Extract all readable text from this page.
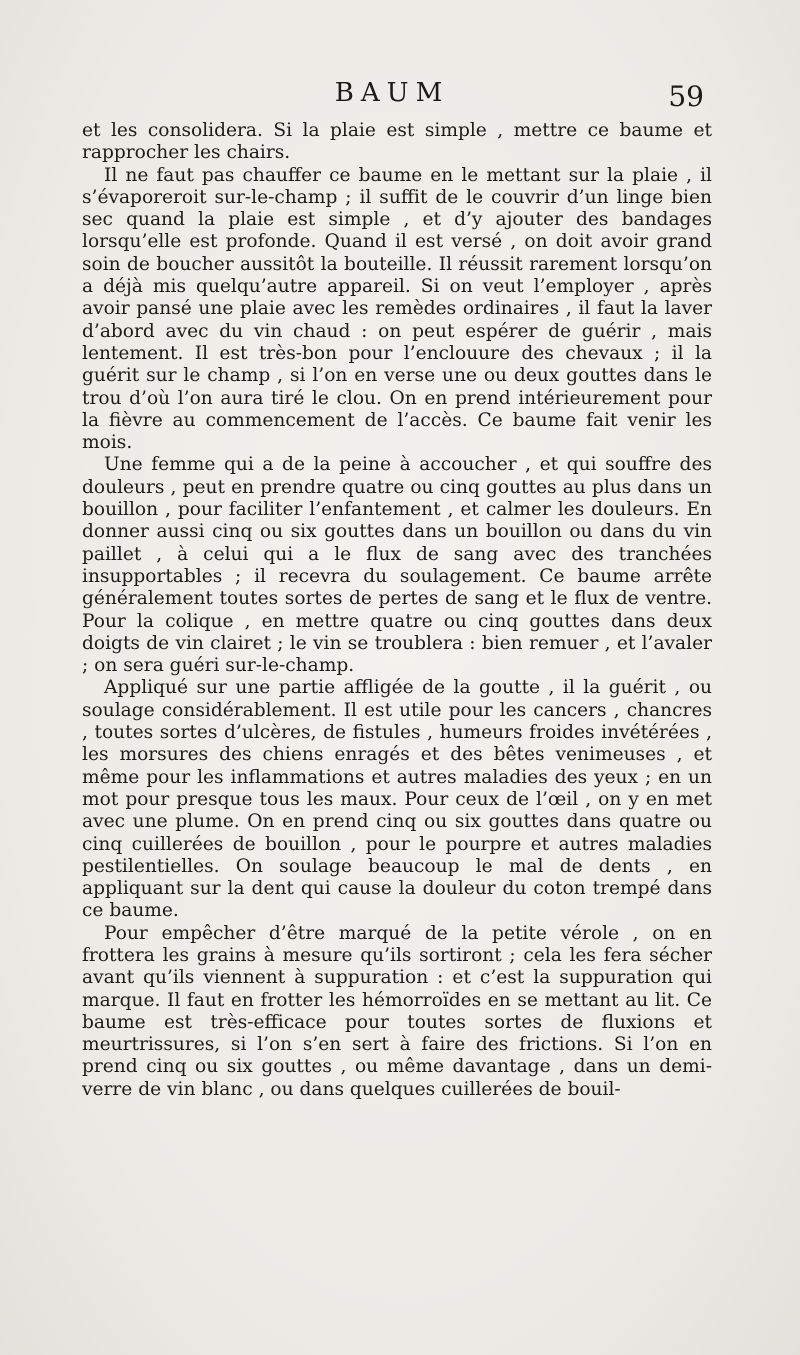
BAUM	59

et les consolidera. Si la plaie est simple , mettre ce baume et rapprocher les chairs.

Il ne faut pas chauffer ce baume en le mettant sur la plaie , il s’évaporeroit sur-le-champ ; il suffit de le couvrir d’un linge bien sec quand la plaie est simple , et d’y ajouter des bandages lorsqu’elle est profonde. Quand il est versé , on doit avoir grand soin de boucher aussitôt la bouteille. Il réussit rarement lorsqu’on a déjà mis quelqu’autre appareil. Si on veut l’employer , après avoir pansé une plaie avec les remèdes ordinaires , il faut la laver d’abord avec du vin chaud : on peut espérer de guérir , mais lentement. Il est très-bon pour l’enclouure des chevaux ; il la guérit sur le champ , si l’on en verse une ou deux gouttes dans le trou d’où l’on aura tiré le clou. On en prend intérieurement pour la fièvre au commencement de l’accès. Ce baume fait venir les mois.

Une femme qui a de la peine à accoucher , et qui souffre des douleurs , peut en prendre quatre ou cinq gouttes au plus dans un bouillon , pour faciliter l’enfantement , et calmer les douleurs. En donner aussi cinq ou six gouttes dans un bouillon ou dans du vin paillet , à celui qui a le flux de sang avec des tranchées insupportables ; il recevra du soulagement. Ce baume arrête généralement toutes sortes de pertes de sang et le flux de ventre. Pour la colique , en mettre quatre ou cinq gouttes dans deux doigts de vin clairet ; le vin se troublera : bien remuer , et l’avaler ; on sera guéri sur-le-champ.

Appliqué sur une partie affligée de la goutte , il la guérit , ou soulage considérablement. Il est utile pour les cancers , chancres , toutes sortes d’ulcères, de fistules , humeurs froides invétérées , les morsures des chiens enragés et des bêtes venimeuses , et même pour les inflammations et autres maladies des yeux ; en un mot pour presque tous les maux. Pour ceux de l’œil , on y en met avec une plume. On en prend cinq ou six gouttes dans quatre ou cinq cuillerées de bouillon , pour le pourpre et autres maladies pestilentielles. On soulage beaucoup le mal de dents , en appliquant sur la dent qui cause la douleur du coton trempé dans ce baume.

Pour empêcher d’être marqué de la petite vérole , on en frottera les grains à mesure qu’ils sortiront ; cela les fera sécher avant qu’ils viennent à suppuration : et c’est la suppuration qui marque. Il faut en frotter les hémorroïdes en se mettant au lit. Ce baume est très-efficace pour toutes sortes de fluxions et meurtrissures, si l’on s’en sert à faire des frictions. Si l’on en prend cinq ou six gouttes , ou même davantage , dans un demi-verre de vin blanc , ou dans quelques cuillerées de bouil-
